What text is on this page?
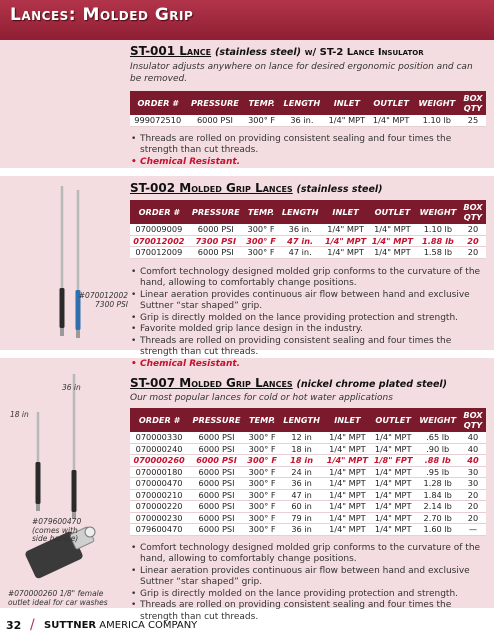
Lances: Molded Grip
ST-001 Lance (stainless steel) w/ ST-2 Lance Insulator
Insulator adjusts anywhere on lance for desired ergonomic position and can be removed.
ORDER #	PRESSURE	TEMP.	LENGTH	INLET	OUTLET	WEIGHT	BOX QTY
999072510	6000 PSI	300° F	36 in.	1/4" MPT	1/4" MPT	1.10 lb	25
• Threads are rolled on providing consistent sealing and four times the strength than cut threads.
• Chemical Resistant.
ST-002 Molded Grip Lances (stainless steel)
ORDER #	PRESSURE	TEMP.	LENGTH	INLET	OUTLET	WEIGHT	BOX QTY
070009009	6000 PSI	300° F	36 in.	1/4" MPT	1/4" MPT	1.10 lb	20
070012002	7300 PSI	300° F	47 in.	1/4" MPT	1/4" MPT	1.88 lb	20
070012009	6000 PSI	300° F	47 in.	1/4" MPT	1/4" MPT	1.58 lb	20
• Comfort technology designed molded grip conforms to the curvature of the hand, allowing to comfortably change positions.
• Linear aeration provides continuous air flow between hand and exclusive Suttner “star shaped” grip.
• Grip is directly molded on the lance providing protection and strength.
• Favorite molded grip lance design in the industry.
• Threads are rolled on providing consistent sealing and four times the strength than cut threads.
• Chemical Resistant.
#070012002
7300 PSI
ST-007 Molded Grip Lances (nickel chrome plated steel)
Our most popular lances for cold or hot water applications
ORDER #	PRESSURE	TEMP.	LENGTH	INLET	OUTLET	WEIGHT	BOX QTY
070000330	6000 PSI	300° F	12 in	1/4" MPT	1/4" MPT	.65 lb	40
070000240	6000 PSI	300° F	18 in	1/4" MPT	1/4" MPT	.90 lb	40
070000260	6000 PSI	300° F	18 in	1/4" MPT	1/8" FPT	.88 lb	40
070000180	6000 PSI	300° F	24 in	1/4" MPT	1/4" MPT	.95 lb	30
070000470	6000 PSI	300° F	36 in	1/4" MPT	1/4" MPT	1.28 lb	30
070000210	6000 PSI	300° F	47 in	1/4" MPT	1/4" MPT	1.84 lb	20
070000220	6000 PSI	300° F	60 in	1/4" MPT	1/4" MPT	2.14 lb	20
070000230	6000 PSI	300° F	79 in	1/4" MPT	1/4" MPT	2.70 lb	20
079600470	6000 PSI	300° F	36 in	1/4" MPT	1/4" MPT	1.60 lb	—
• Comfort technology designed molded grip conforms to the curvature of the hand, allowing to comfortably change positions.
• Linear aeration provides continuous air flow between hand and exclusive Suttner “star shaped” grip.
• Grip is directly molded on the lance providing protection and strength.
• Threads are rolled on providing consistent sealing and four times the strength than cut threads.
36 in
18 in
#079600470
(comes with
side handle)
#070000260 1/8" female
outlet ideal for car washes
32 / SUTTNER AMERICA COMPANY
